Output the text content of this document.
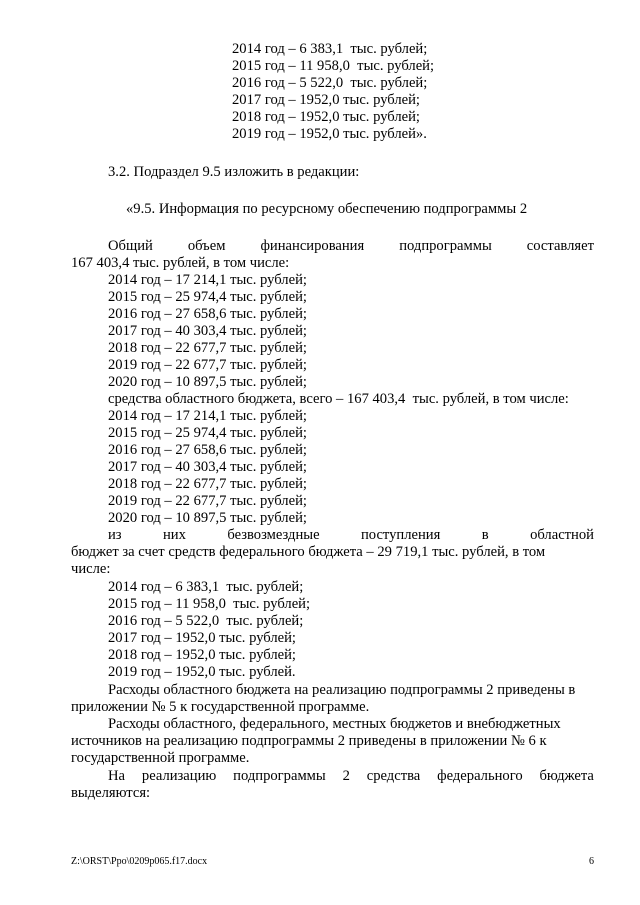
2014 год – 6 383,1  тыс. рублей;
2015 год – 11 958,0  тыс. рублей;
2016 год – 5 522,0  тыс. рублей;
2017 год – 1952,0 тыс. рублей;
2018 год – 1952,0 тыс. рублей;
2019 год – 1952,0 тыс. рублей».
3.2. Подраздел 9.5 изложить в редакции:
«9.5. Информация по ресурсному обеспечению подпрограммы 2
Общий объем финансирования подпрограммы составляет
167 403,4 тыс. рублей, в том числе:
2014 год – 17 214,1 тыс. рублей;
2015 год – 25 974,4 тыс. рублей;
2016 год – 27 658,6 тыс. рублей;
2017 год – 40 303,4 тыс. рублей;
2018 год – 22 677,7 тыс. рублей;
2019 год – 22 677,7 тыс. рублей;
2020 год – 10 897,5 тыс. рублей;
средства областного бюджета, всего – 167 403,4  тыс. рублей, в том числе:
2014 год – 17 214,1 тыс. рублей;
2015 год – 25 974,4 тыс. рублей;
2016 год – 27 658,6 тыс. рублей;
2017 год – 40 303,4 тыс. рублей;
2018 год – 22 677,7 тыс. рублей;
2019 год – 22 677,7 тыс. рублей;
2020 год – 10 897,5 тыс. рублей;
из	них	безвозмездные	поступления	в	областной
бюджет за счет средств федерального бюджета – 29 719,1 тыс. рублей, в том
числе:
2014 год – 6 383,1  тыс. рублей;
2015 год – 11 958,0  тыс. рублей;
2016 год – 5 522,0  тыс. рублей;
2017 год – 1952,0 тыс. рублей;
2018 год – 1952,0 тыс. рублей;
2019 год – 1952,0 тыс. рублей.
Расходы областного бюджета на реализацию подпрограммы 2 приведены в
приложении № 5 к государственной программе.
Расходы областного, федерального, местных бюджетов и внебюджетных
источников на реализацию подпрограммы 2 приведены в приложении № 6 к
государственной программе.
На реализацию подпрограммы 2 средства федерального бюджета
выделяются:
Z:\ORST\Ppo\0209p065.f17.docx	6
